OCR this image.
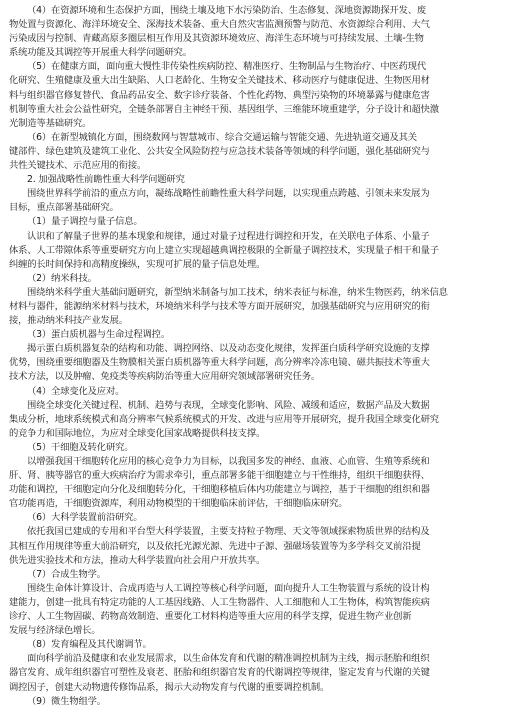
（4）在资源环境和生态保护方面，围绕土壤及地下水污染防治、生态修复、深地资源勘探开发、废
物处置与资源化、海洋环境安全、深海技术装备、重大自然灾害监测预警与防范、水资源综合利用、大气
污染成因与控制、青藏高原多圈层相互作用及其资源环境效应、海洋生态环境与可持续发展、土壤-生物
系统功能及其调控等开展重大科学问题研究。
（5）在健康方面，面向重大慢性非传染性疾病防控、精准医疗、生物制品与生物治疗、中医药现代
化研究、生殖健康及重大出生缺陷、人口老龄化、生物安全关键技术、移动医疗与健康促进、生物医用材
料与组织器官修复替代、食品药品安全、数字诊疗装备、个性化药物、典型污染物的环境暴露与健康危害
机制等重大社会公益性研究，全链条部署自主神经干预、基因组学、三维能环境重建学，分子设计和超快激
光制造等基础研究。
（6）在新型城镇化方面，围绕数网与智慧城市、综合交通运输与智能交通、先进轨道交通及其关
键部件、绿色建筑及建筑工业化、公共安全风险防控与应急技术装备等领域的科学问题，强化基础研究与
共性关键技术、示范应用的衔接。
2. 加强战略性前瞻性重大科学问题研究
围绕世界科学前沿的重点方向，凝练战略性前瞻性重大科学问题，以实现重点跨越、引领未来发展为
目标，重点部署基础研究。
（1）量子调控与量子信息。
认识和了解量子世界的基本现象和规律，通过对量子过程进行调控和开发，在关联电子体系、小量子
体系、人工带隙体系等重要研究方向上建立实现超越典调控极限的全新量子调控技术，实现量子相干和量子
纠缠的长时间保持和高精度操纵，实现可扩展的量子信息处理。
（2）纳米科技。
围绕纳米科学重大基础问题研究，新型纳米制备与加工技术，纳米表征与标准，纳米生物医药，纳米信息
材料与器件，能源纳米材料与技术，环境纳米科学与技术等方面开展研究，加强基础研究与应用研究的衔
接，推动纳米科技产业发展。
（3）蛋白质机器与生命过程调控。
揭示蛋白质机器复杂的结构和功能、调控网络、以及动态变化规律，发挥蛋白质科学研究设施的支撑
优势，围绕重要细胞器及生物膜相关蛋白质机器等重大科学问题，高分辨率冷冻电镜、磁共振技术等重大
技术方法，以及肿瘤、免疫类等疾病防治等重大应用研究领域部署研究任务。
（4）全球变化及应对。
围绕全球变化关键过程、机制、趋势与表现，全球变化影响、风险、减缓和适应，数据产品及大数据
集成分析，地球系统模式和高分辨率气候系统模式的开发、改进与应用等开展研究，提升我国全球变化研究
的竞争力和国际地位，为应对全球变化国家战略提供科技支撑。
（5）干细胞及转化研究。
以增强我国干细胞转化应用的核心竞争力为目标，以我国多发的神经、血液、心血管、生殖等系统和
肝、肾、胰等器官的重大疾病治疗为需求牵引，重点部署多能干细胞建立与干性维持，组织干细胞获得、
功能和调控，干细胞定向分化及细胞转分化，干细胞移植后体内功能建立与调控，基于干细胞的组织和器
官功能再造，干细胞资源库，利用动物模型的干细胞临床前评估，干细胞临床研究。
（6）大科学装置前沿研究。
依托我国已建成的专用和平台型大科学装置，主要支持粒子物理、天文等领域探索物质世界的结构及
其相互作用规律等重大前沿研究，以及依托光源光源、先进中子源、强磁场装置等为多学科交叉前沿提
供先进实验技术和方法，推动大科学装置向社会用户开放共享。
（7）合成生物学。
围绕生命体计算设计、合成再造与人工调控等核心科学问题，面向提升人工生物装置与系统的设计构
建能力，创建一批具有特定功能的人工基因线路、人工生物器件、人工细胞和人工生物体，构筑智能疾病
诊疗、人工生物固碳、药物高效制造、重要化工材料构造等重大应用的科学支撑，促进生物产业创新
发展与经济绿色增长。
（8）发育编程及其代谢调节。
面向科学前沿及健康和农业发展需求，以生命体发育和代谢的精准调控机制为主线，揭示胚胎和组织
器官发育、成年组织器官可塑性及衰老、胚胎和组织器官发育的代谢调控等规律，鉴定发育与代谢的关键
调控因子，创建大动物遗传修饰品系，揭示大动物发育与代谢的重要调控机制。
（9）微生物组学。
